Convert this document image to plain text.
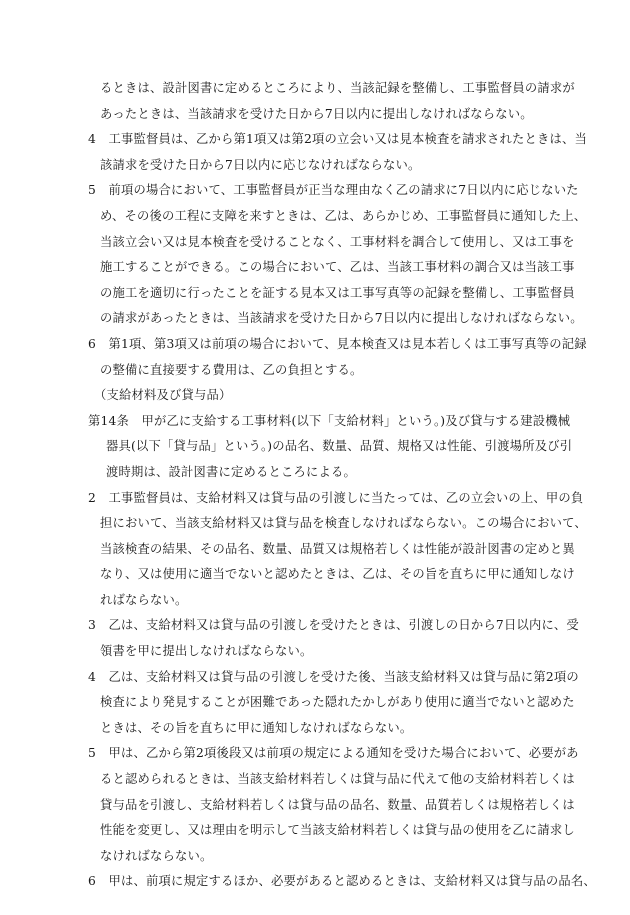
るときは、設計図書に定めるところにより、当該記録を整備し、工事監督員の請求が
あったときは、当該請求を受けた日から7日以内に提出しなければならない。
4　工事監督員は、乙から第1項又は第2項の立会い又は見本検査を請求されたときは、当
該請求を受けた日から7日以内に応じなければならない。
5　前項の場合において、工事監督員が正当な理由なく乙の請求に7日以内に応じないた
め、その後の工程に支障を来すときは、乙は、あらかじめ、工事監督員に通知した上、
当該立会い又は見本検査を受けることなく、工事材料を調合して使用し、又は工事を
施工することができる。この場合において、乙は、当該工事材料の調合又は当該工事
の施工を適切に行ったことを証する見本又は工事写真等の記録を整備し、工事監督員
の請求があったときは、当該請求を受けた日から7日以内に提出しなければならない。
6　第1項、第3項又は前項の場合において、見本検査又は見本若しくは工事写真等の記録
の整備に直接要する費用は、乙の負担とする。
（支給材料及び貸与品）
第14条　甲が乙に支給する工事材料(以下「支給材料」という。)及び貸与する建設機械
器具(以下「貸与品」という。)の品名、数量、品質、規格又は性能、引渡場所及び引
渡時期は、設計図書に定めるところによる。
2　工事監督員は、支給材料又は貸与品の引渡しに当たっては、乙の立会いの上、甲の負
担において、当該支給材料又は貸与品を検査しなければならない。この場合において、
当該検査の結果、その品名、数量、品質又は規格若しくは性能が設計図書の定めと異
なり、又は使用に適当でないと認めたときは、乙は、その旨を直ちに甲に通知しなけ
ればならない。
3　乙は、支給材料又は貸与品の引渡しを受けたときは、引渡しの日から7日以内に、受
領書を甲に提出しなければならない。
4　乙は、支給材料又は貸与品の引渡しを受けた後、当該支給材料又は貸与品に第2項の
検査により発見することが困難であった隠れたかしがあり使用に適当でないと認めた
ときは、その旨を直ちに甲に通知しなければならない。
5　甲は、乙から第2項後段又は前項の規定による通知を受けた場合において、必要があ
ると認められるときは、当該支給材料若しくは貸与品に代えて他の支給材料若しくは
貸与品を引渡し、支給材料若しくは貸与品の品名、数量、品質若しくは規格若しくは
性能を変更し、又は理由を明示して当該支給材料若しくは貸与品の使用を乙に請求し
なければならない。
6　甲は、前項に規定するほか、必要があると認めるときは、支給材料又は貸与品の品名、
